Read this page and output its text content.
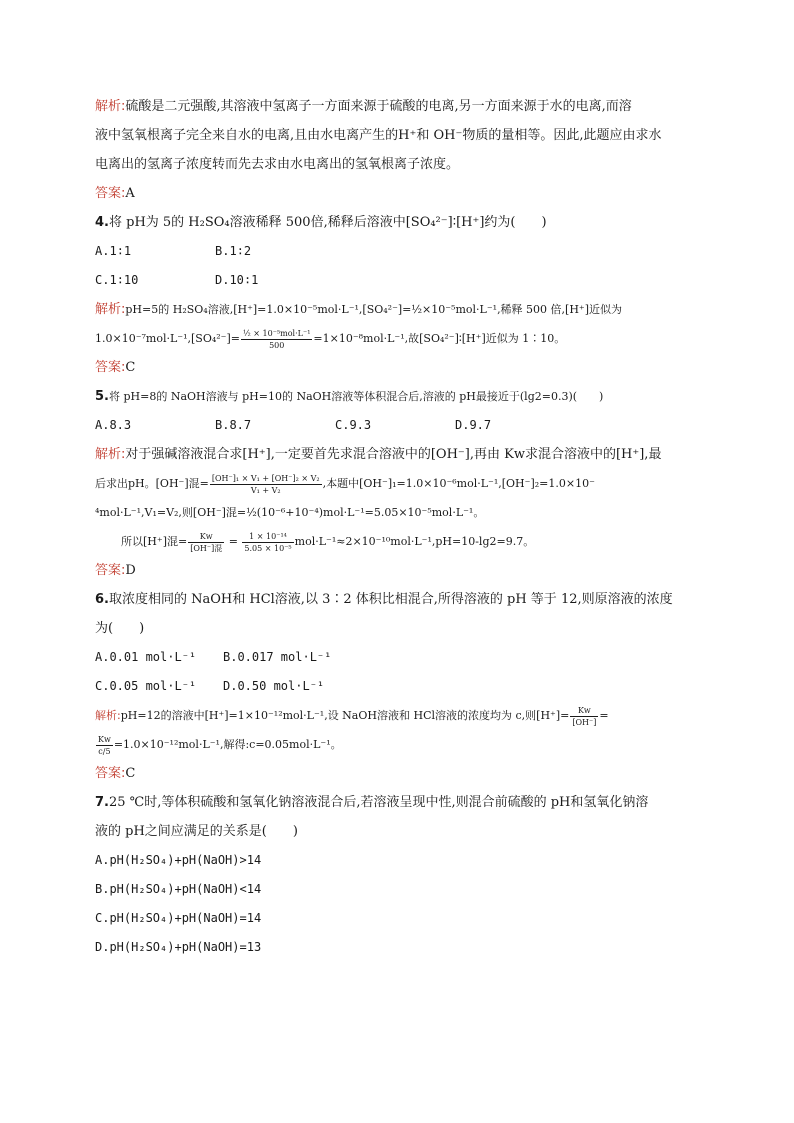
解析:硫酸是二元强酸,其溶液中氢离子一方面来源于硫酸的电离,另一方面来源于水的电离,而溶
液中氢氧根离子完全来自水的电离,且由水电离产生的H⁺和 OH⁻物质的量相等。因此,此题应由求水
电离出的氢离子浓度转而先去求由水电离出的氢氧根离子浓度。
答案:A
4.将 pH为 5的 H₂SO₄溶液稀释 500倍,稀释后溶液中[SO₄²⁻]∶[H⁺]约为(　　)
A.1∶1	B.1∶2
C.1∶10	D.10∶1
解析:pH=5的 H₂SO₄溶液,[H⁺]=1.0×10⁻⁵mol·L⁻¹,[SO₄²⁻]=½×10⁻⁵mol·L⁻¹,稀释 500 倍,[H⁺]近似为
$1.0\times 10^{-7}mol\cdot L^{-1},[SO_4^{2-}]= \frac{\text{½ × 10⁻⁵mol·L⁻¹}}{500} =1\times 10^{-8}mol\cdot L^{-1}$,故[SO₄²⁻]∶[H⁺]近似为 1∶10。
答案:C
5.将 pH=8的 NaOH溶液与 pH=10的 NaOH溶液等体积混合后,溶液的 pH最接近于(lg2=0.3)(　　)
A.8.3	B.8.7	C.9.3	D.9.7
解析:对于强碱溶液混合求[H⁺],一定要首先求混合溶液中的[OH⁻],再由 Kw求混合溶液中的[H⁺],最
后求出pH。[OH⁻]混= $\frac{\text{[OH⁻]₁ × V₁ + [OH⁻]₂ × V₂}}{\text{V₁ + V₂}}$ ,本题中[OH⁻]₁=1.0×10⁻⁶mol·L⁻¹,[OH⁻]₂=1.0×10⁻
⁴mol·L⁻¹,V₁=V₂,则[OH⁻]混=½(10⁻⁶+10⁻⁴)mol·L⁻¹=5.05×10⁻⁵mol·L⁻¹。
所以[H⁺]混= $\frac{Kw}{\text{[OH⁻]混}} = \frac{\text{1 × 10⁻¹⁴}}{\text{5.05 × 10⁻⁵}} mol\cdot L^{-1}\approx 2\times 10^{-10}mol\cdot L^{-1},pH=10-\lg 2=9.7$。
答案:D
6.取浓度相同的 NaOH和 HCl溶液,以 3∶2 体积比相混合,所得溶液的 pH 等于 12,则原溶液的浓度
为(　　)
A.0.01 mol·L⁻¹ B.0.017 mol·L⁻¹
C.0.05 mol·L⁻¹ D.0.50 mol·L⁻¹
解析:pH=12的溶液中[H⁺]=1×10⁻¹²mol·L⁻¹,设 NaOH溶液和 HCl溶液的浓度均为 c,则$[H^+]= \frac{Kw}{[OH^-]}$ =
$\frac{Kw}{c/5} =1.0\times 10^{-12}mol\cdot L^{-1}$,解得:c=0.05mol·L⁻¹。
答案:C
7.25 ℃时,等体积硫酸和氢氧化钠溶液混合后,若溶液呈现中性,则混合前硫酸的 pH和氢氧化钠溶
液的 pH之间应满足的关系是(　　)
A.pH(H₂SO₄)+pH(NaOH)>14
B.pH(H₂SO₄)+pH(NaOH)<14
C.pH(H₂SO₄)+pH(NaOH)=14
D.pH(H₂SO₄)+pH(NaOH)=13
